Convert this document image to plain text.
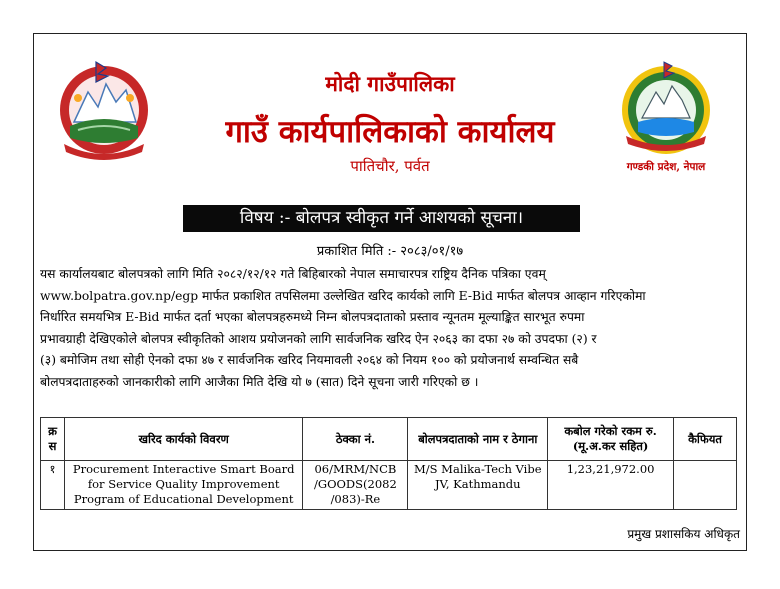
गण्डकी प्रदेश, नेपाल
मोदी गाउँपालिका
गाउँ कार्यपालिकाको कार्यालय
पातिचौर, पर्वत
विषय :- बोलपत्र स्वीकृत गर्ने आशयको सूचना।
प्रकाशित मिति :- २०८३/०१/१७
यस कार्यालयबाट बोलपत्रको लागि मिति २०८२/१२/१२ गते बिहिबारको नेपाल समाचारपत्र राष्ट्रिय दैनिक पत्रिका एवम्
www.bolpatra.gov.np/egp मार्फत प्रकाशित तपसिलमा उल्लेखित खरिद कार्यको लागि E-Bid मार्फत बोलपत्र आव्हान गरिएकोमा
निर्धारित समयभित्र E-Bid मार्फत दर्ता भएका बोलपत्रहरुमध्ये निम्न बोलपत्रदाताको प्रस्ताव न्यूनतम मूल्याङ्कित सारभूत रुपमा
प्रभावग्राही देखिएकोले बोलपत्र स्वीकृतिको आशय प्रयोजनको लागि सार्वजनिक खरिद ऐन २०६३ का दफा २७ को उपदफा (२) र
(३) बमोजिम तथा सोही ऐनको दफा ४७ र सार्वजनिक खरिद नियमावली २०६४ को नियम १०० को प्रयोजनार्थ सम्वन्धित सबै
बोलपत्रदाताहरुको जानकारीको लागि आजैका मिति देखि यो ७ (सात) दिने सूचना जारी गरिएको छ ।
क्र स	खरिद कार्यको विवरण	ठेक्का नं.	बोलपत्रदाताको नाम र ठेगाना	कबोल गरेको रकम रु. (मू.अ.कर सहित)	कैफियत
१	Procurement Interactive Smart Board for Service Quality Improvement Program of Educational Development	06/MRM/NCB /GOODS(2082 /083)-Re	M/S Malika-Tech Vibe JV, Kathmandu	1,23,21,972.00	
प्रमुख प्रशासकिय अधिकृत
